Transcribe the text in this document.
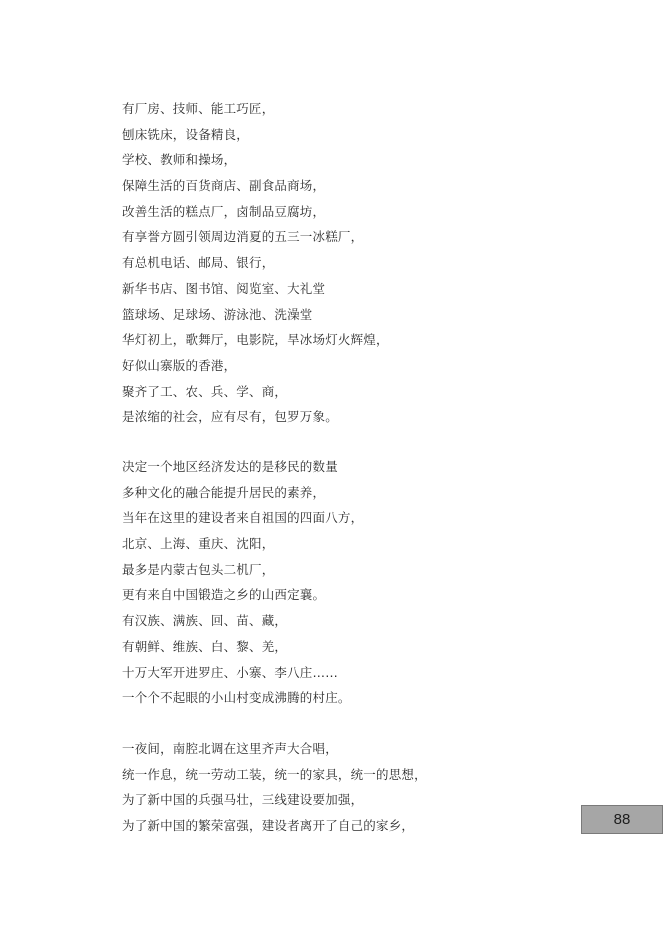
有厂房、技师、能工巧匠，
刨床铣床，设备精良，
学校、教师和操场，
保障生活的百货商店、副食品商场，
改善生活的糕点厂，卤制品豆腐坊，
有享誉方圆引领周边消夏的五三一冰糕厂，
有总机电话、邮局、银行，
新华书店、图书馆、阅览室、大礼堂
篮球场、足球场、游泳池、洗澡堂
华灯初上，歌舞厅，电影院，旱冰场灯火辉煌，
好似山寨版的香港，
聚齐了工、农、兵、学、商，
是浓缩的社会，应有尽有，包罗万象。
决定一个地区经济发达的是移民的数量
多种文化的融合能提升居民的素养，
当年在这里的建设者来自祖国的四面八方，
北京、上海、重庆、沈阳，
最多是内蒙古包头二机厂，
更有来自中国锻造之乡的山西定襄。
有汉族、满族、回、苗、藏，
有朝鲜、维族、白、黎、羌，
十万大军开进罗庄、小寨、李八庄……
一个个不起眼的小山村变成沸腾的村庄。
一夜间，南腔北调在这里齐声大合唱，
统一作息，统一劳动工装，统一的家具，统一的思想，
为了新中国的兵强马壮，三线建设要加强，
为了新中国的繁荣富强，建设者离开了自己的家乡，	88
